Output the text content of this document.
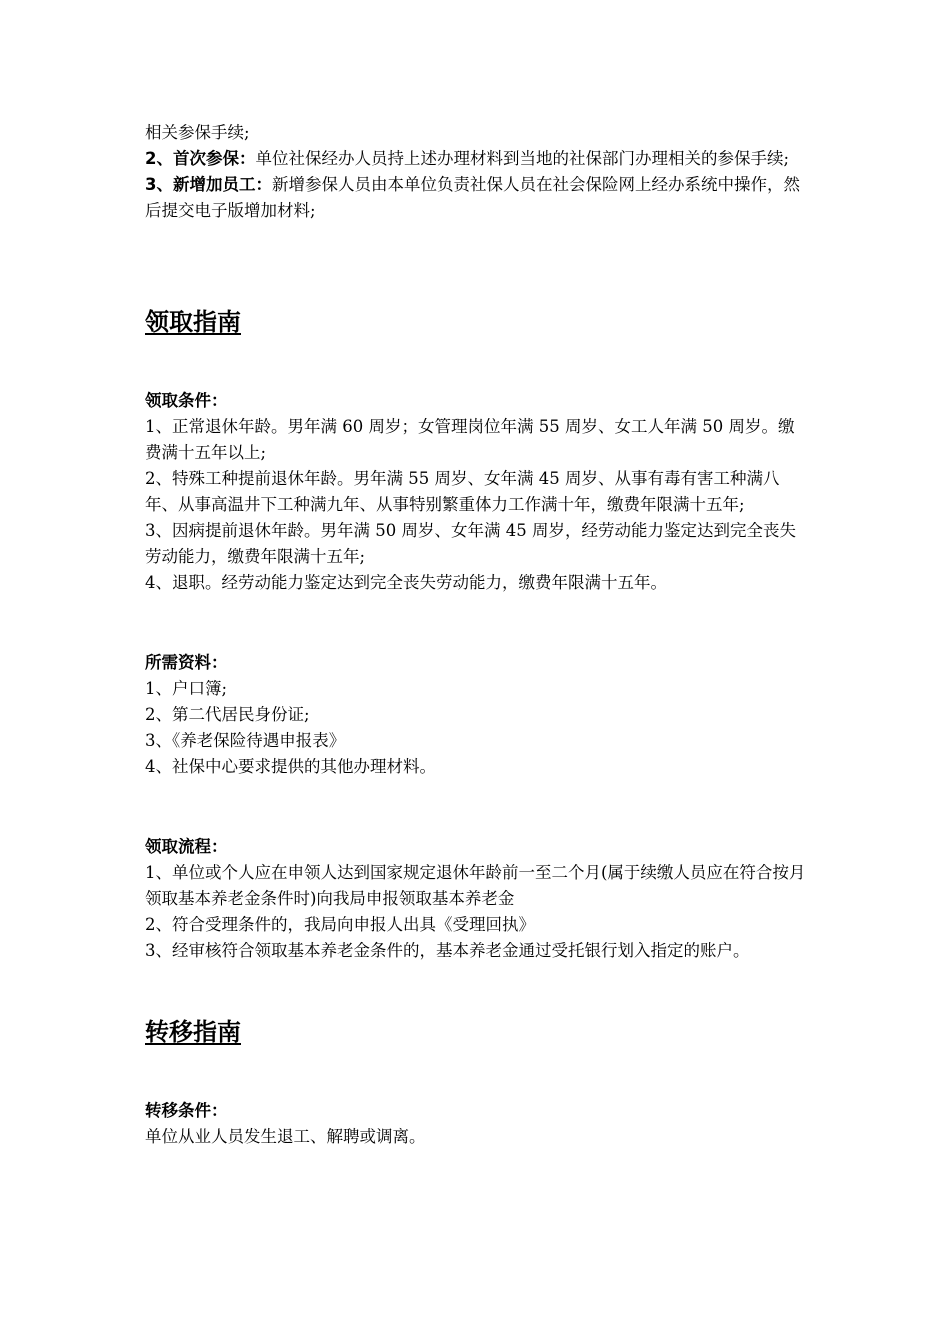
相关参保手续;

2、首次参保：单位社保经办人员持上述办理材料到当地的社保部门办理相关的参保手续;

3、新增加员工：新增参保人员由本单位负责社保人员在社会保险网上经办系统中操作，然后提交电子版增加材料;

领取指南

领取条件：

1、正常退休年龄。男年满 60 周岁；女管理岗位年满 55 周岁、女工人年满 50 周岁。缴费满十五年以上;

2、特殊工种提前退休年龄。男年满 55 周岁、女年满 45 周岁、从事有毒有害工种满八年、从事高温井下工种满九年、从事特别繁重体力工作满十年，缴费年限满十五年;

3、因病提前退休年龄。男年满 50 周岁、女年满 45 周岁，经劳动能力鉴定达到完全丧失劳动能力，缴费年限满十五年;

4、退职。经劳动能力鉴定达到完全丧失劳动能力，缴费年限满十五年。

所需资料：

1、户口簿;

2、第二代居民身份证;

3、《养老保险待遇申报表》

4、社保中心要求提供的其他办理材料。

领取流程：

1、单位或个人应在申领人达到国家规定退休年龄前一至二个月(属于续缴人员应在符合按月领取基本养老金条件时)向我局申报领取基本养老金

2、符合受理条件的，我局向申报人出具《受理回执》

3、经审核符合领取基本养老金条件的，基本养老金通过受托银行划入指定的账户。

转移指南

转移条件：

单位从业人员发生退工、解聘或调离。
